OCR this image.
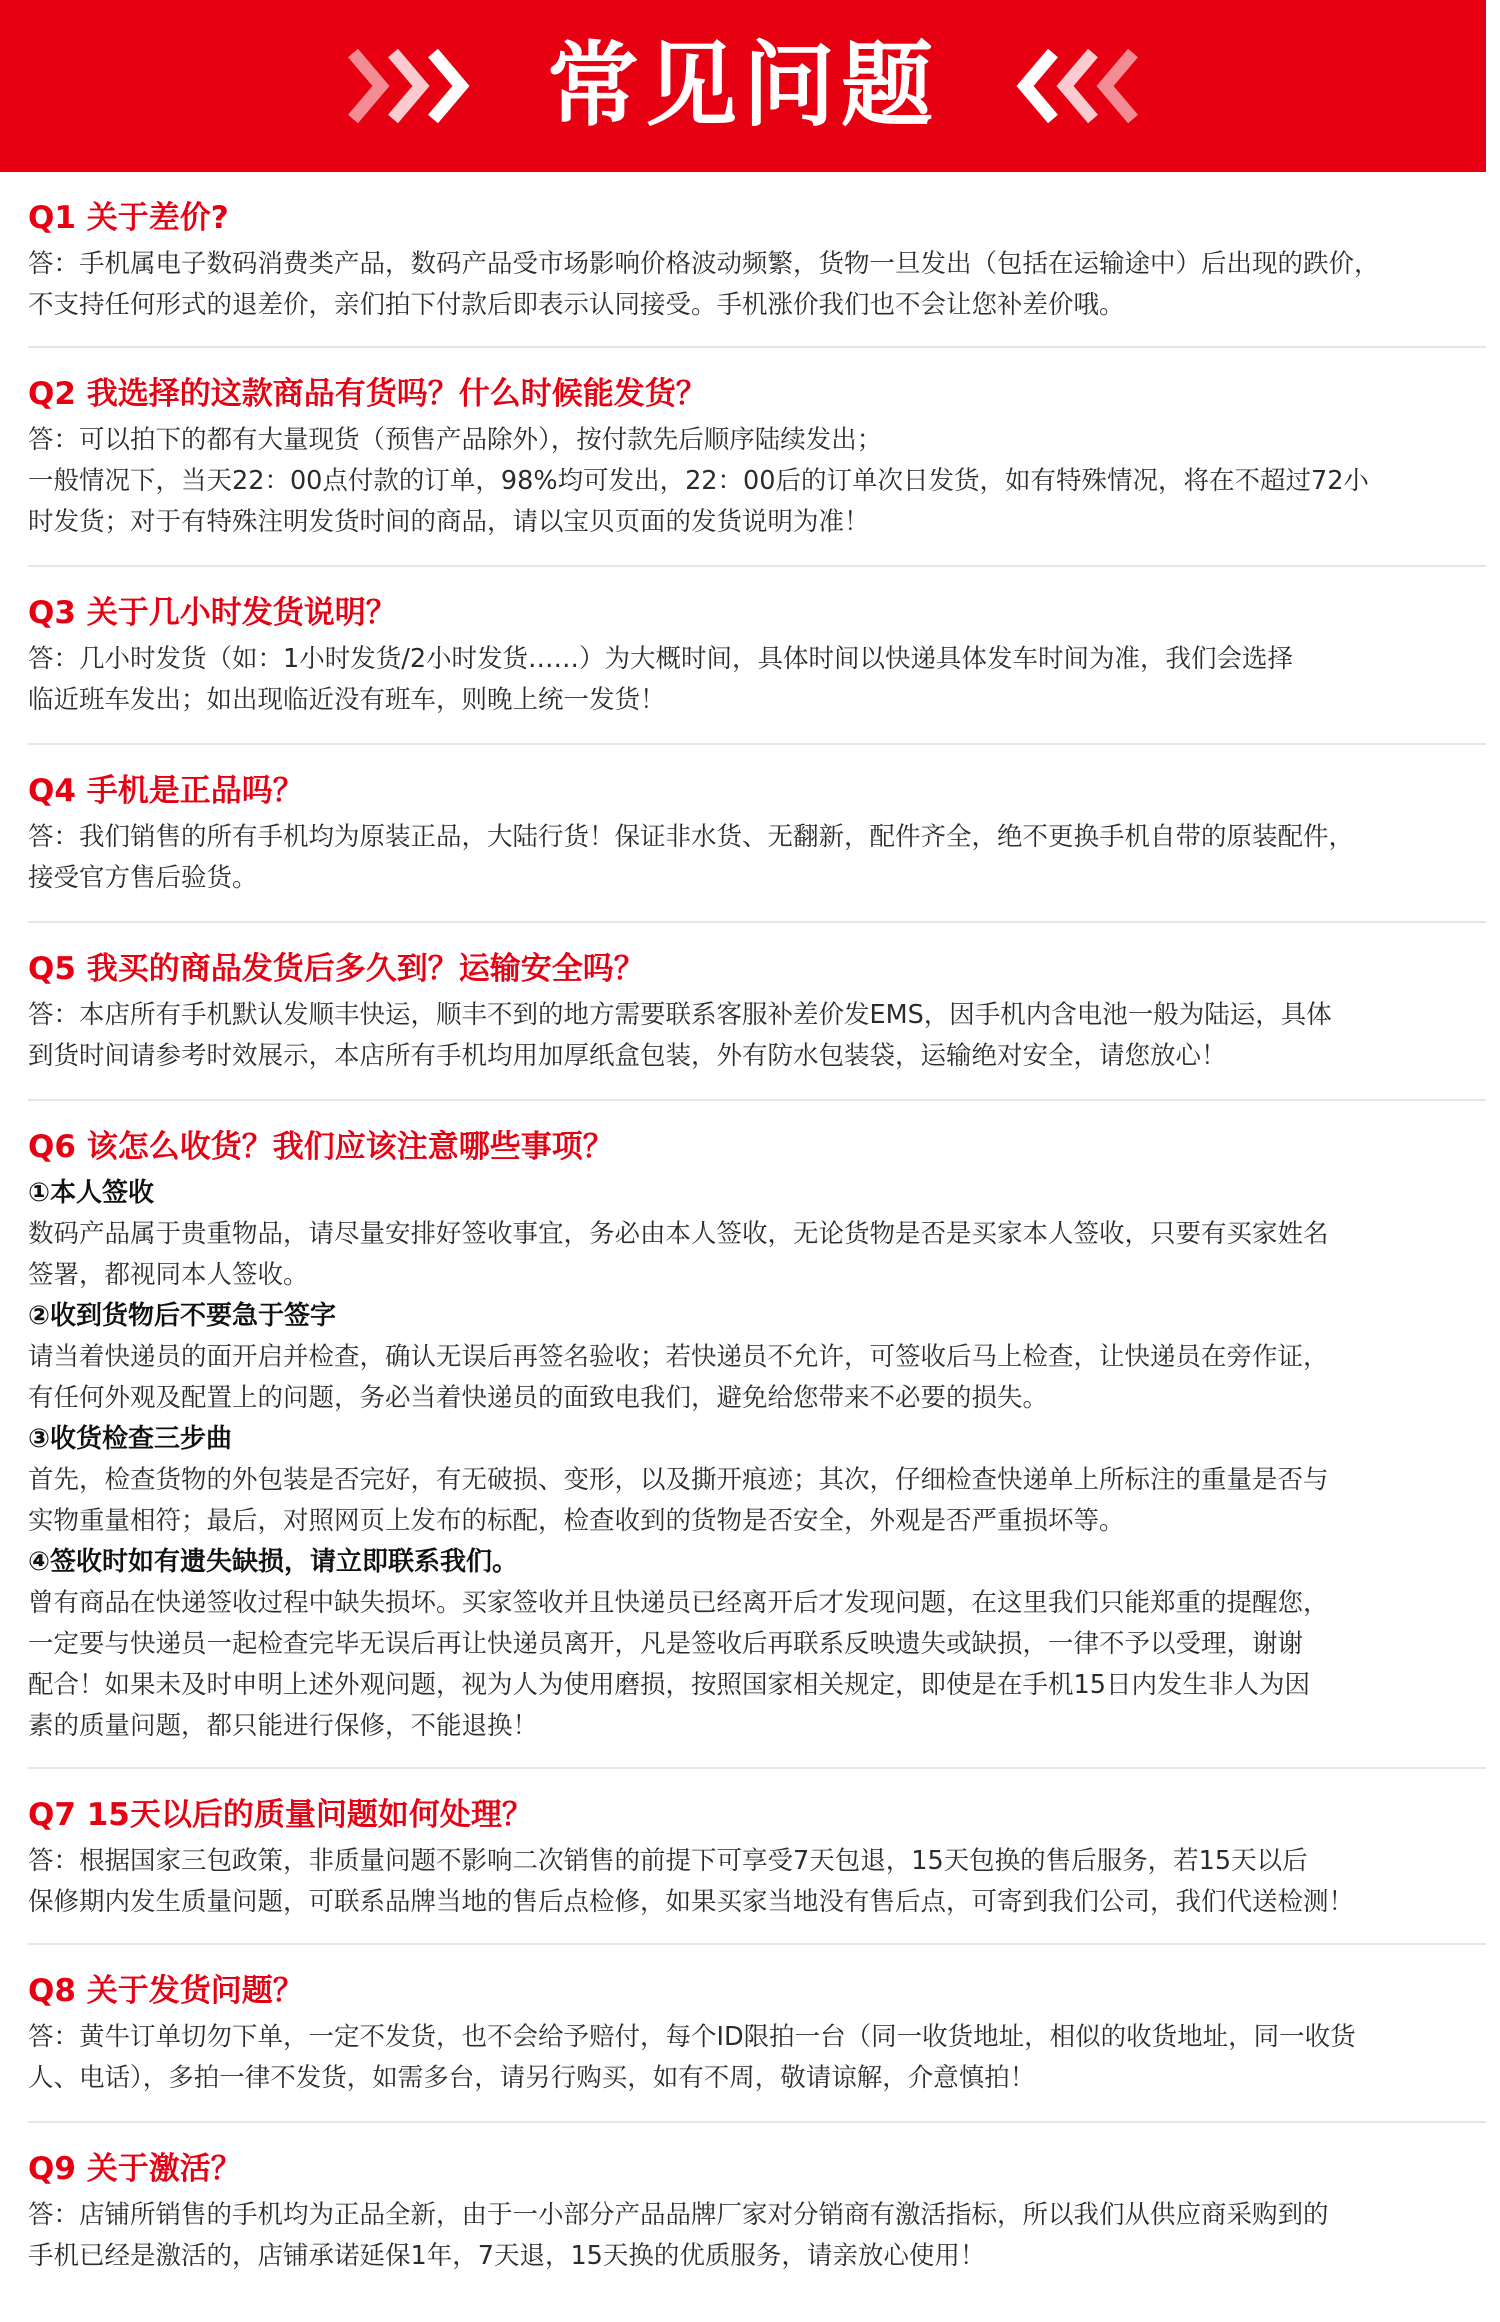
常见问题

Q1 关于差价?

答：手机属电子数码消费类产品，数码产品受市场影响价格波动频繁，货物一旦发出（包括在运输途中）后出现的跌价，

不支持任何形式的退差价，亲们拍下付款后即表示认同接受。手机涨价我们也不会让您补差价哦。

Q2 我选择的这款商品有货吗？什么时候能发货？

答：可以拍下的都有大量现货（预售产品除外），按付款先后顺序陆续发出；

一般情况下，当天22：00点付款的订单，98%均可发出，22：00后的订单次日发货，如有特殊情况，将在不超过72小

时发货；对于有特殊注明发货时间的商品，请以宝贝页面的发货说明为准！

Q3 关于几小时发货说明？

答：几小时发货（如：1小时发货/2小时发货……）为大概时间，具体时间以快递具体发车时间为准，我们会选择

临近班车发出；如出现临近没有班车，则晚上统一发货！

Q4 手机是正品吗？

答：我们销售的所有手机均为原装正品，大陆行货！保证非水货、无翻新，配件齐全，绝不更换手机自带的原装配件，

接受官方售后验货。

Q5 我买的商品发货后多久到？运输安全吗？

答：本店所有手机默认发顺丰快运，顺丰不到的地方需要联系客服补差价发EMS，因手机内含电池一般为陆运，具体

到货时间请参考时效展示，本店所有手机均用加厚纸盒包装，外有防水包装袋，运输绝对安全，请您放心！

Q6 该怎么收货？我们应该注意哪些事项？

①本人签收

数码产品属于贵重物品，请尽量安排好签收事宜，务必由本人签收，无论货物是否是买家本人签收，只要有买家姓名

签署，都视同本人签收。

②收到货物后不要急于签字

请当着快递员的面开启并检查，确认无误后再签名验收；若快递员不允许，可签收后马上检查，让快递员在旁作证，

有任何外观及配置上的问题，务必当着快递员的面致电我们，避免给您带来不必要的损失。

③收货检查三步曲

首先，检查货物的外包装是否完好，有无破损、变形，以及撕开痕迹；其次，仔细检查快递单上所标注的重量是否与

实物重量相符；最后，对照网页上发布的标配，检查收到的货物是否安全，外观是否严重损坏等。

④签收时如有遗失缺损，请立即联系我们。

曾有商品在快递签收过程中缺失损坏。买家签收并且快递员已经离开后才发现问题，在这里我们只能郑重的提醒您，

一定要与快递员一起检查完毕无误后再让快递员离开，凡是签收后再联系反映遗失或缺损，一律不予以受理，谢谢

配合！如果未及时申明上述外观问题，视为人为使用磨损，按照国家相关规定，即使是在手机15日内发生非人为因

素的质量问题，都只能进行保修，不能退换！

Q7 15天以后的质量问题如何处理？

答：根据国家三包政策，非质量问题不影响二次销售的前提下可享受7天包退，15天包换的售后服务，若15天以后

保修期内发生质量问题，可联系品牌当地的售后点检修，如果买家当地没有售后点，可寄到我们公司，我们代送检测！

Q8 关于发货问题？

答：黄牛订单切勿下单，一定不发货，也不会给予赔付，每个ID限拍一台（同一收货地址，相似的收货地址，同一收货

人、电话），多拍一律不发货，如需多台，请另行购买，如有不周，敬请谅解，介意慎拍！

Q9 关于激活？

答：店铺所销售的手机均为正品全新，由于一小部分产品品牌厂家对分销商有激活指标，所以我们从供应商采购到的

手机已经是激活的，店铺承诺延保1年，7天退，15天换的优质服务，请亲放心使用！
